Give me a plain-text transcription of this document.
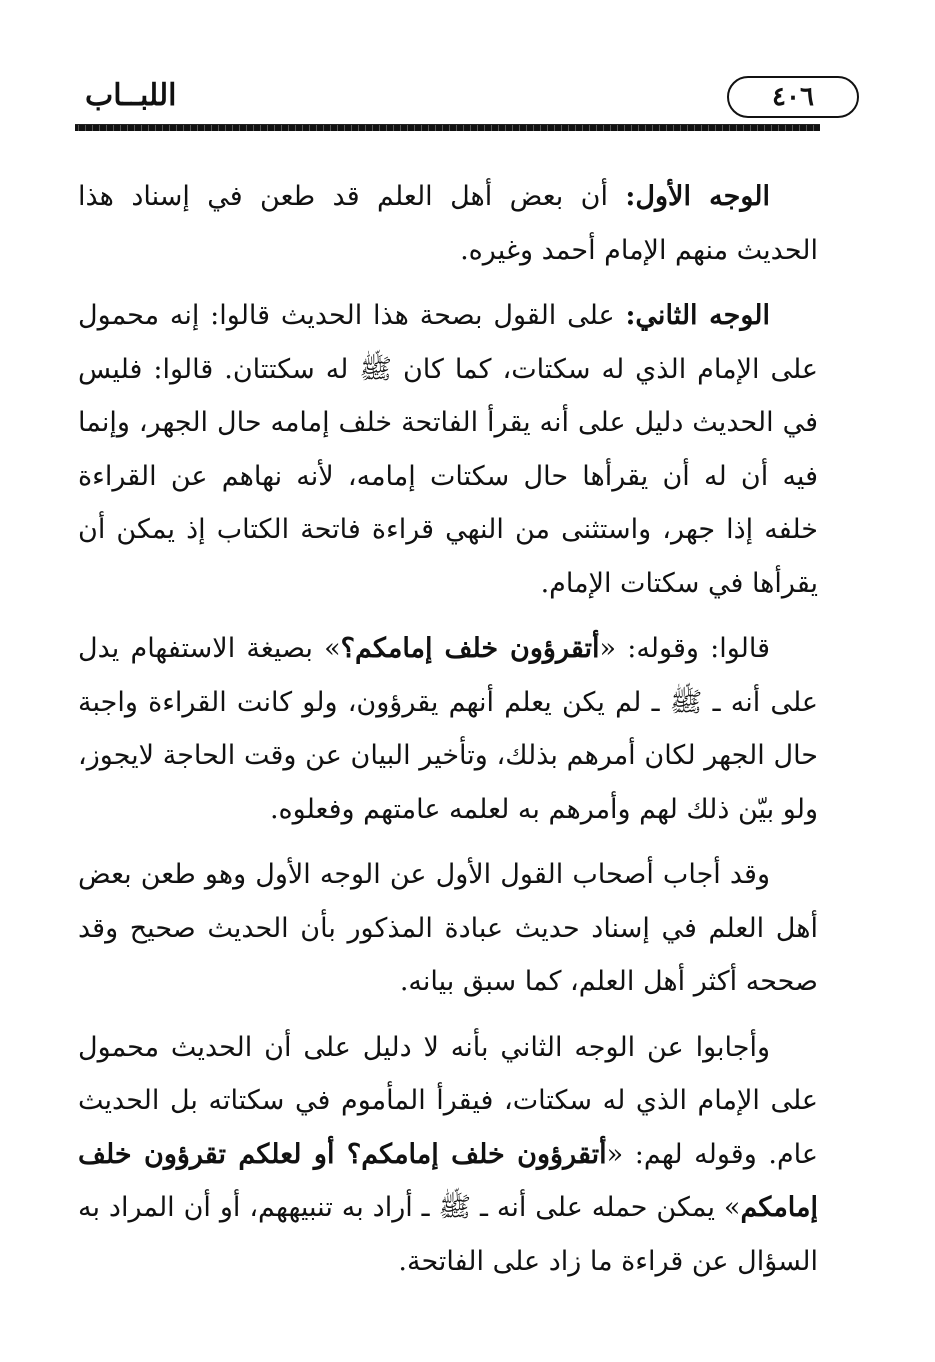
٤٠٦
اللبــاب

الوجه الأول: أن بعض أهل العلم قد طعن في إسناد هذا الحديث منهم الإمام أحمد وغيره.

الوجه الثاني: على القول بصحة هذا الحديث قالوا: إنه محمول على الإمام الذي له سكتات، كما كان ﷺ له سكتتان. قالوا: فليس في الحديث دليل على أنه يقرأ الفاتحة خلف إمامه حال الجهر، وإنما فيه أن له أن يقرأها حال سكتات إمامه، لأنه نهاهم عن القراءة خلفه إذا جهر، واستثنى من النهي قراءة فاتحة الكتاب إذ يمكن أن يقرأها في سكتات الإمام.

قالوا: وقوله: «أتقرؤون خلف إمامكم؟» بصيغة الاستفهام يدل على أنه ـ ﷺ ـ لم يكن يعلم أنهم يقرؤون، ولو كانت القراءة واجبة حال الجهر لكان أمرهم بذلك، وتأخير البيان عن وقت الحاجة لايجوز، ولو بيّن ذلك لهم وأمرهم به لعلمه عامتهم وفعلوه.

وقد أجاب أصحاب القول الأول عن الوجه الأول وهو طعن بعض أهل العلم في إسناد حديث عبادة المذكور بأن الحديث صحيح وقد صححه أكثر أهل العلم، كما سبق بيانه.

وأجابوا عن الوجه الثاني بأنه لا دليل على أن الحديث محمول على الإمام الذي له سكتات، فيقرأ المأموم في سكتاته بل الحديث عام. وقوله لهم: «أتقرؤون خلف إمامكم؟ أو لعلكم تقرؤون خلف إمامكم» يمكن حمله على أنه ـ ﷺ ـ أراد به تنبيههم، أو أن المراد به السؤال عن قراءة ما زاد على الفاتحة.
